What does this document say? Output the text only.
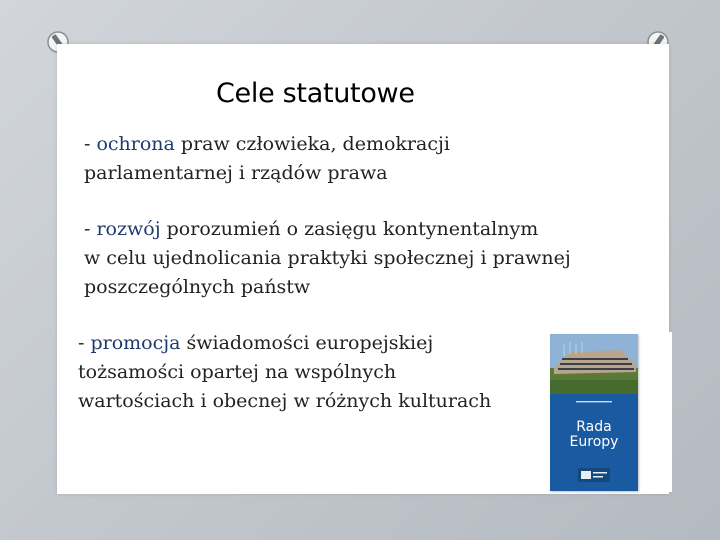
Cele statutowe

- ochrona praw człowieka, demokracji
parlamentarnej i rządów prawa

- rozwój porozumień o zasięgu kontynentalnym
w celu ujednolicania praktyki społecznej i prawnej
poszczególnych państw

- promocja świadomości europejskiej
tożsamości opartej na wspólnych
wartościach i obecnej w różnych kulturach

Rada
Europy
